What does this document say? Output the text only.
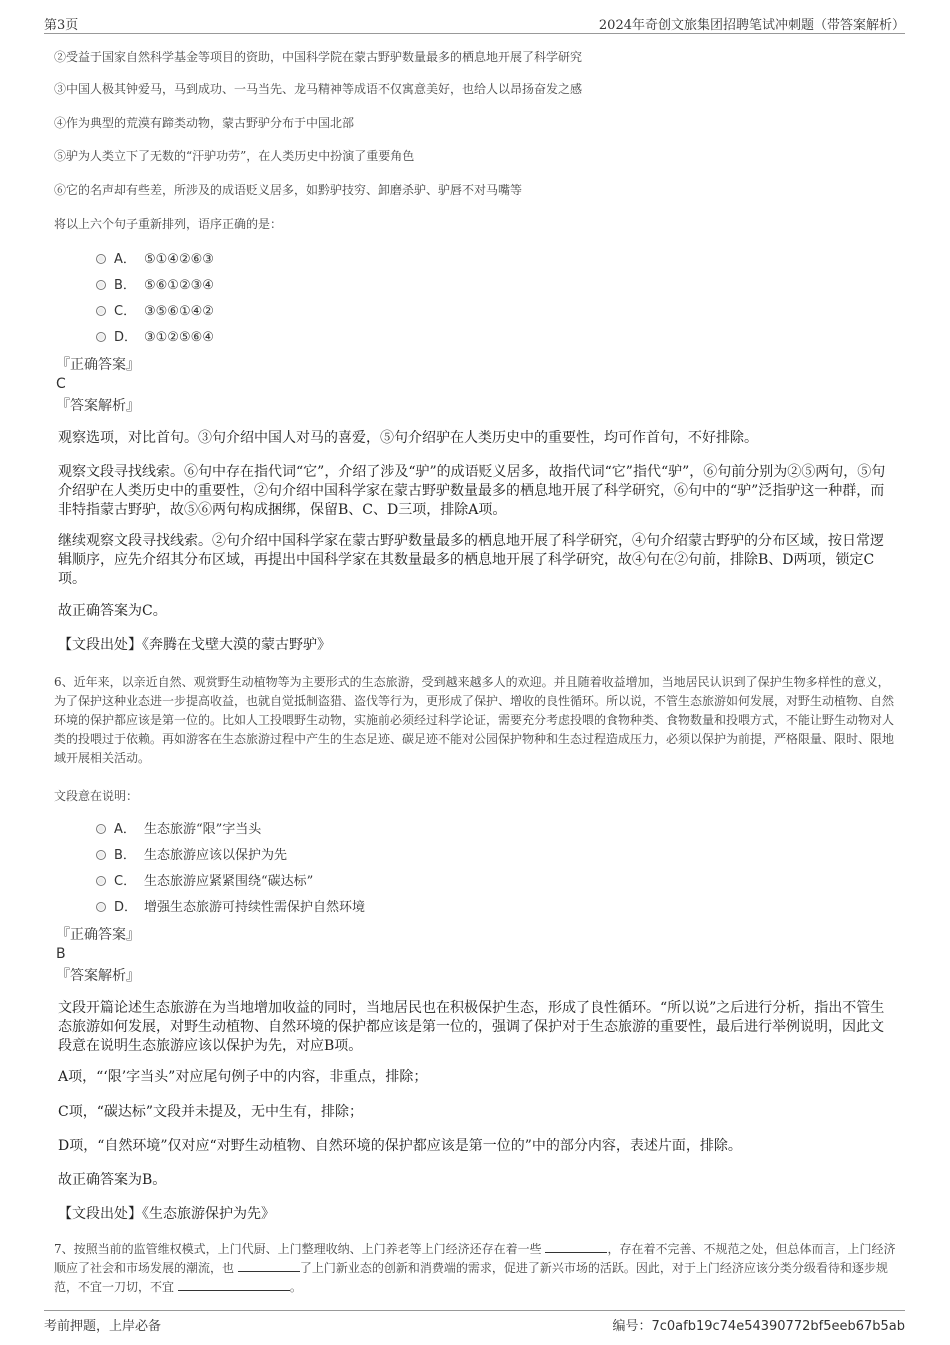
第3页	2024年奇创文旅集团招聘笔试冲刺题（带答案解析）
②受益于国家自然科学基金等项目的资助，中国科学院在蒙古野驴数量最多的栖息地开展了科学研究
③中国人极其钟爱马，马到成功、一马当先、龙马精神等成语不仅寓意美好，也给人以昂扬奋发之感
④作为典型的荒漠有蹄类动物，蒙古野驴分布于中国北部
⑤驴为人类立下了无数的“汗驴功劳”，在人类历史中扮演了重要角色
⑥它的名声却有些差，所涉及的成语贬义居多，如黔驴技穷、卸磨杀驴、驴唇不对马嘴等
将以上六个句子重新排列，语序正确的是：
A． ⑤①④②⑥③
B． ⑤⑥①②③④
C． ③⑤⑥①④②
D． ③①②⑤⑥④
『正确答案』
C
『答案解析』
观察选项，对比首句。③句介绍中国人对马的喜爱，⑤句介绍驴在人类历史中的重要性，均可作首句，不好排除。
观察文段寻找线索。⑥句中存在指代词“它”，介绍了涉及“驴”的成语贬义居多，故指代词“它”指代“驴”，⑥句前分别为②⑤两句，⑤句介绍驴在人类历史中的重要性，②句介绍中国科学家在蒙古野驴数量最多的栖息地开展了科学研究，⑥句中的“驴”泛指驴这一种群，而非特指蒙古野驴，故⑤⑥两句构成捆绑，保留B、C、D三项，排除A项。
继续观察文段寻找线索。②句介绍中国科学家在蒙古野驴数量最多的栖息地开展了科学研究，④句介绍蒙古野驴的分布区域，按日常逻辑顺序，应先介绍其分布区域，再提出中国科学家在其数量最多的栖息地开展了科学研究，故④句在②句前，排除B、D两项，锁定C项。
故正确答案为C。
【文段出处】《奔腾在戈壁大漠的蒙古野驴》
6、近年来，以亲近自然、观赏野生动植物等为主要形式的生态旅游，受到越来越多人的欢迎。并且随着收益增加，当地居民认识到了保护生物多样性的意义，为了保护这种业态进一步提高收益，也就自觉抵制盗猎、盗伐等行为，更形成了保护、增收的良性循环。所以说，不管生态旅游如何发展，对野生动植物、自然环境的保护都应该是第一位的。比如人工投喂野生动物，实施前必须经过科学论证，需要充分考虑投喂的食物种类、食物数量和投喂方式，不能让野生动物对人类的投喂过于依赖。再如游客在生态旅游过程中产生的生态足迹、碳足迹不能对公园保护物种和生态过程造成压力，必须以保护为前提，严格限量、限时、限地域开展相关活动。
文段意在说明：
A． 生态旅游“限”字当头
B． 生态旅游应该以保护为先
C． 生态旅游应紧紧围绕“碳达标”
D． 增强生态旅游可持续性需保护自然环境
『正确答案』
B
『答案解析』
文段开篇论述生态旅游在为当地增加收益的同时，当地居民也在积极保护生态，形成了良性循环。“所以说”之后进行分析，指出不管生态旅游如何发展，对野生动植物、自然环境的保护都应该是第一位的，强调了保护对于生态旅游的重要性，最后进行举例说明，因此文段意在说明生态旅游应该以保护为先，对应B项。
A项，“‘限’字当头”对应尾句例子中的内容，非重点，排除；
C项，“碳达标”文段并未提及，无中生有，排除；
D项，“自然环境”仅对应“对野生动植物、自然环境的保护都应该是第一位的”中的部分内容，表述片面，排除。
故正确答案为B。
【文段出处】《生态旅游保护为先》
7、按照当前的监管维权模式，上门代厨、上门整理收纳、上门养老等上门经济还存在着一些	，存在着不完善、不规范之处，但总体而言，上门经济顺应了社会和市场发展的潮流，也	了上门新业态的创新和消费端的需求，促进了新兴市场的活跃。因此，对于上门经济应该分类分级看待和逐步规范，不宜一刀切，不宜	。
考前押题，上岸必备	编号：7c0afb19c74e54390772bf5eeb67b5ab
